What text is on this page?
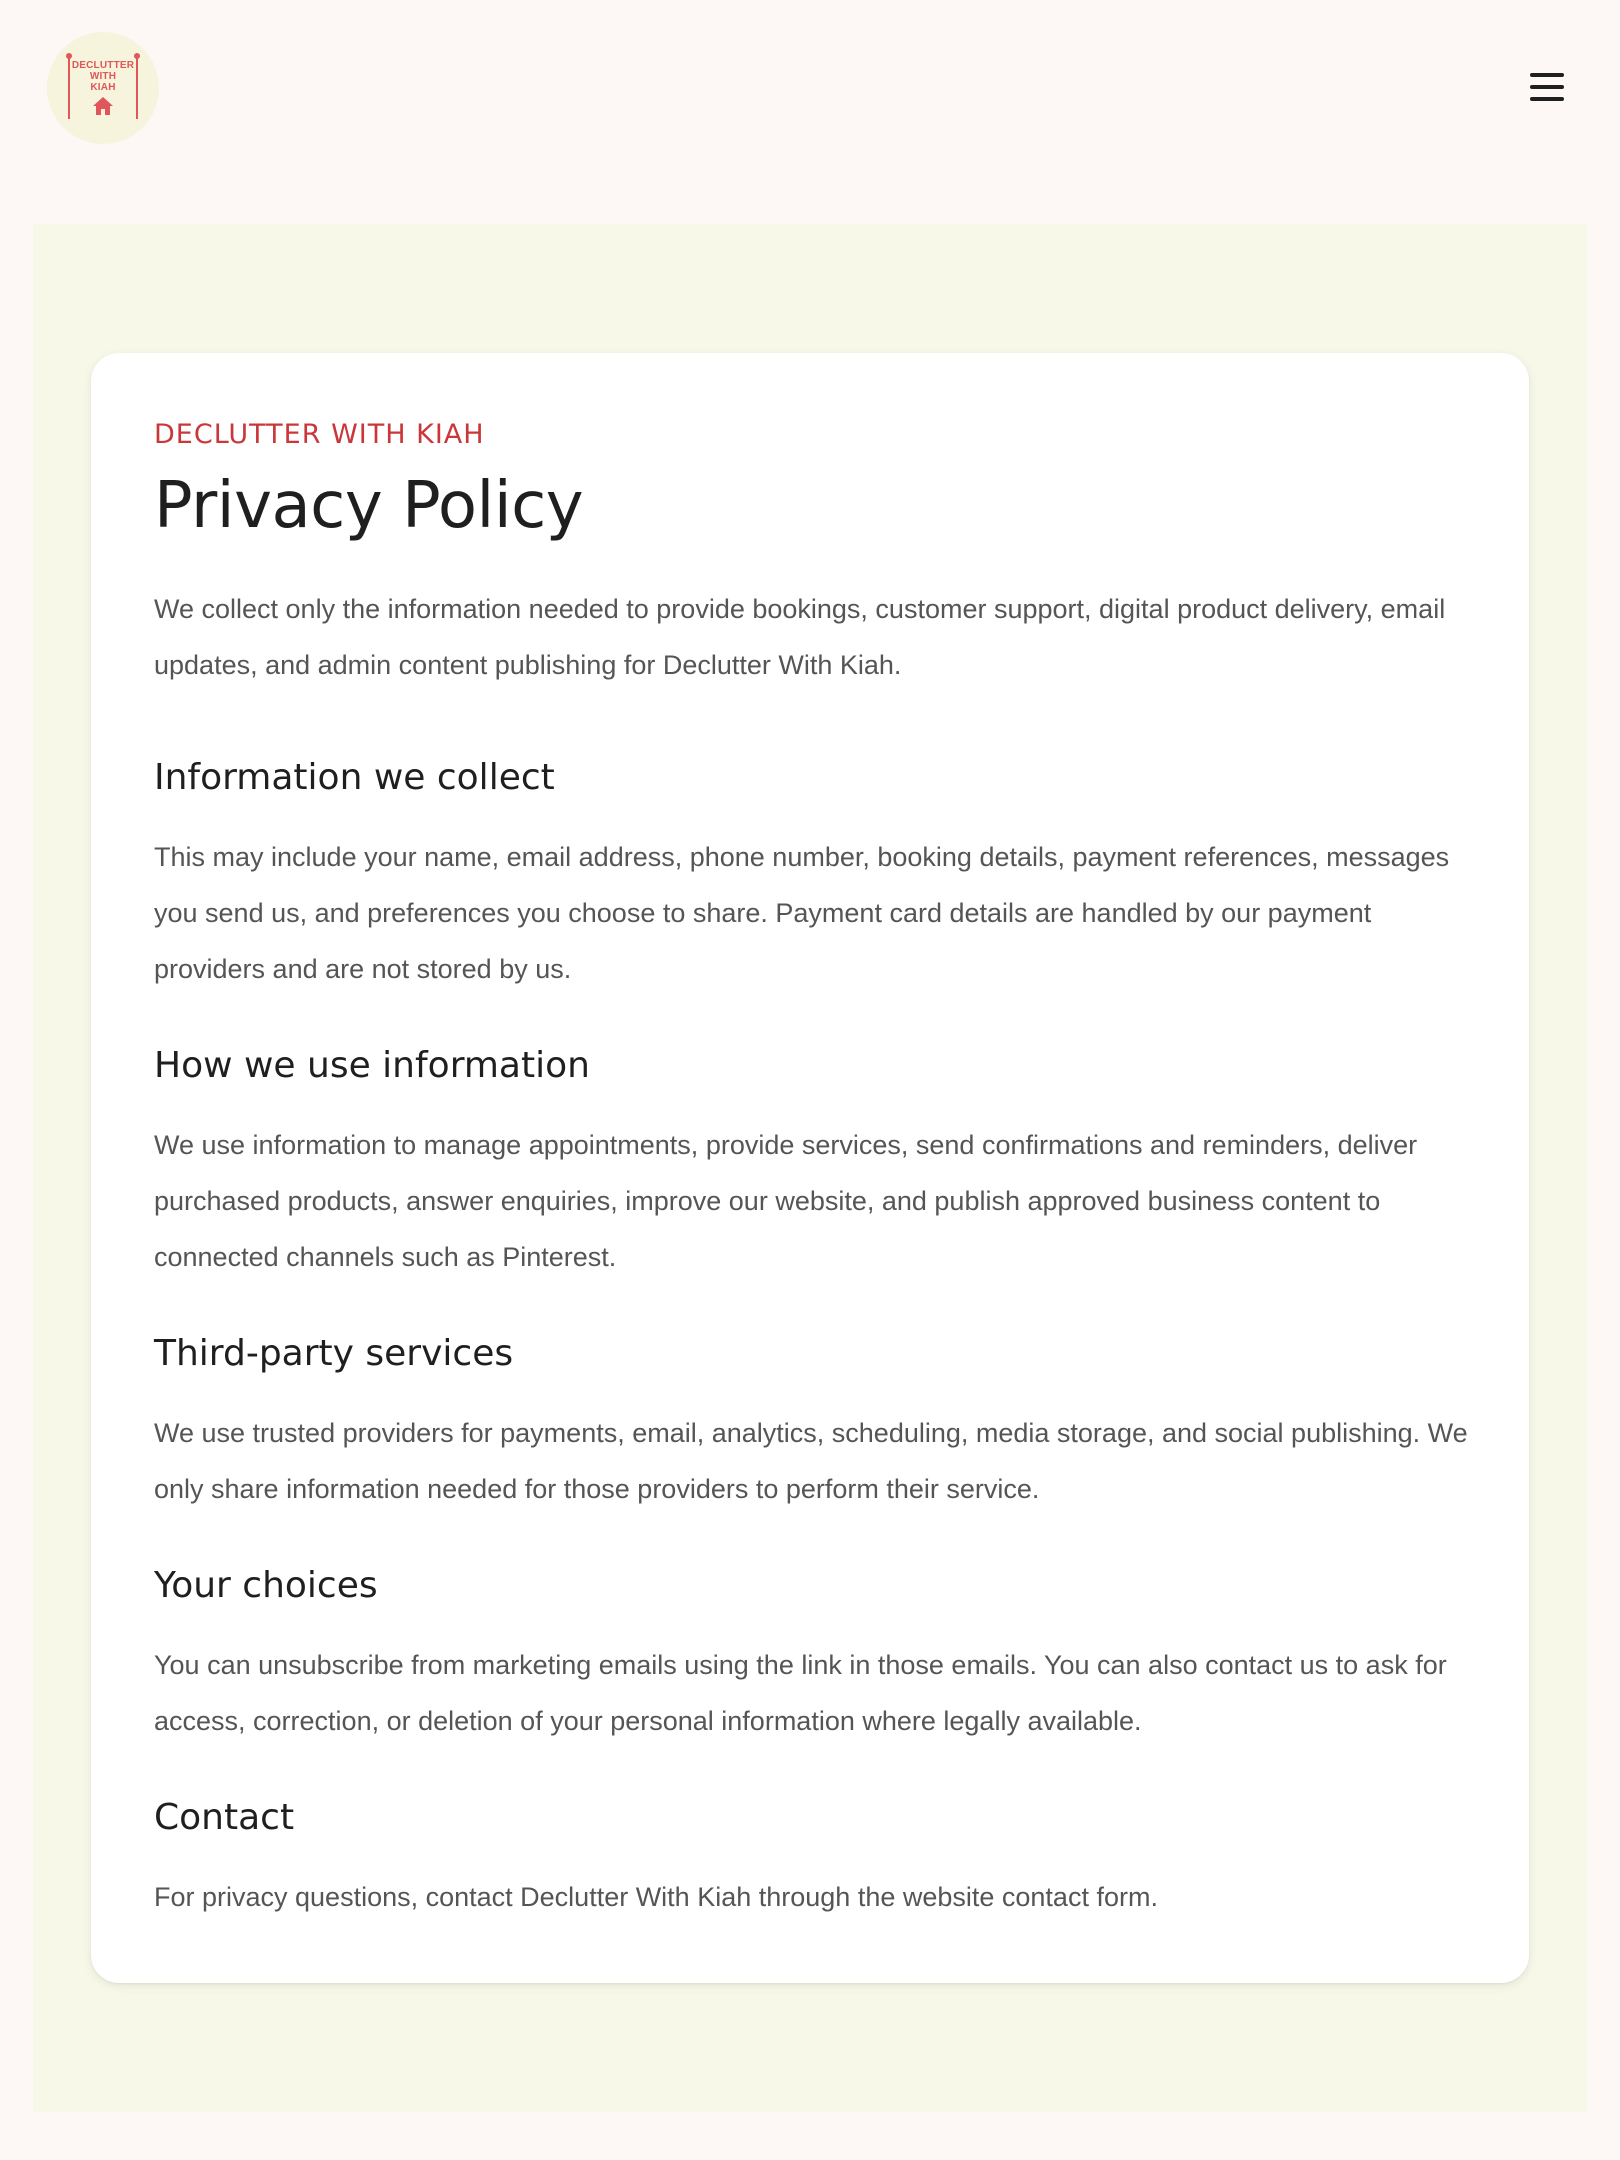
DECLUTTER
WITH
KIAH
DECLUTTER WITH KIAH
Privacy Policy

We collect only the information needed to provide bookings, customer support, digital product delivery, email updates, and admin content publishing for Declutter With Kiah.

Information we collect

This may include your name, email address, phone number, booking details, payment references, messages you send us, and preferences you choose to share. Payment card details are handled by our payment providers and are not stored by us.

How we use information

We use information to manage appointments, provide services, send confirmations and reminders, deliver purchased products, answer enquiries, improve our website, and publish approved business content to connected channels such as Pinterest.

Third-party services

We use trusted providers for payments, email, analytics, scheduling, media storage, and social publishing. We only share information needed for those providers to perform their service.

Your choices

You can unsubscribe from marketing emails using the link in those emails. You can also contact us to ask for access, correction, or deletion of your personal information where legally available.

Contact

For privacy questions, contact Declutter With Kiah through the website contact form.
